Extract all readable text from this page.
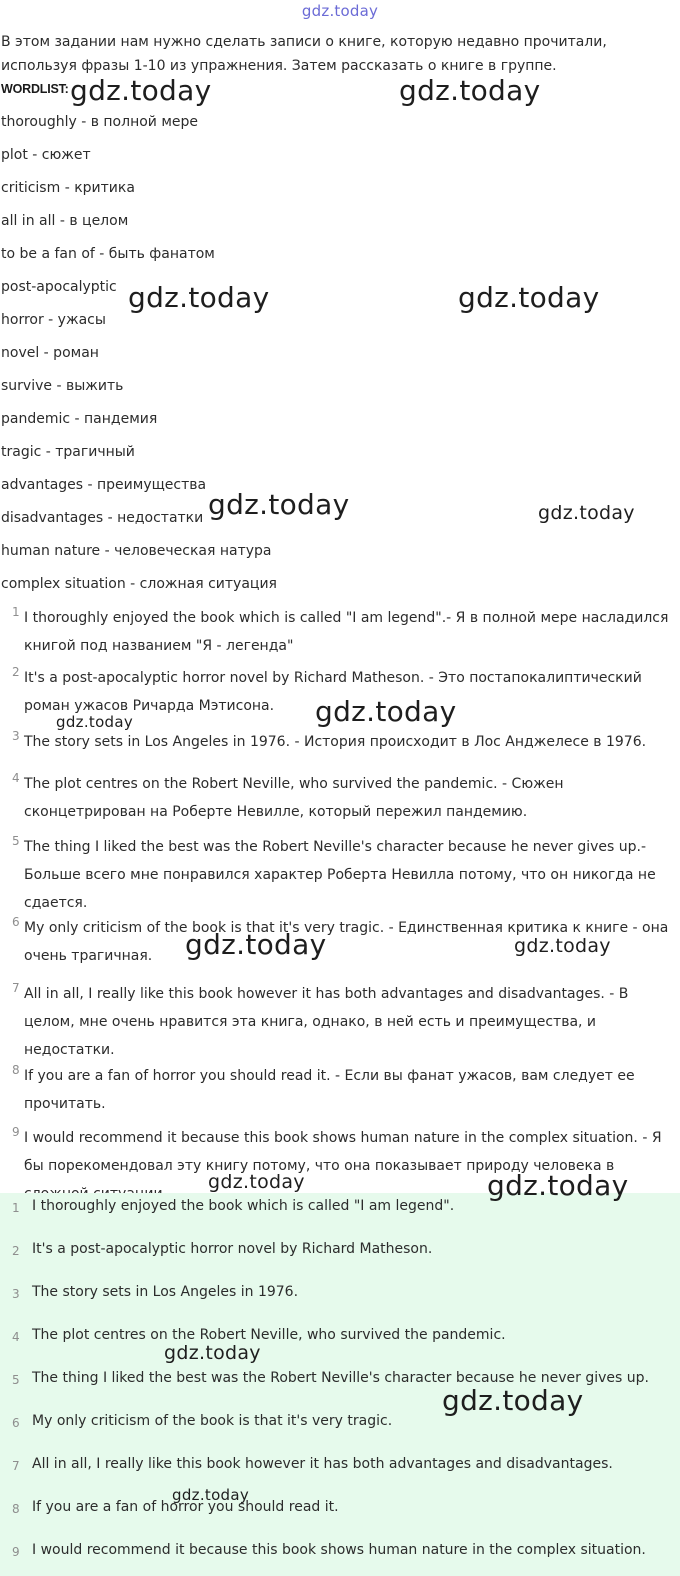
gdz.today
В этом задании нам нужно сделать записи о книге, которую недавно прочитали, используя фразы 1-10 из упражнения. Затем рассказать о книге в группе.
WORDLIST:
thoroughly - в полной мере
plot - сюжет
criticism - критика
all in all - в целом
to be a fan of - быть фанатом
post-apocalyptic
horror - ужасы
novel - роман
survive - выжить
pandemic - пандемия
tragic - трагичный
advantages - преимущества
disadvantages - недостатки
human nature - человеческая натура
complex situation - сложная ситуация
1 I thoroughly enjoyed the book which is called "I am legend".- Я в полной мере насладился книгой под названием "Я - легенда"
2 It's a post-apocalyptic horror novel by Richard Matheson. - Это постапокалиптический роман ужасов Ричарда Мэтисона.
3 The story sets in Los Angeles in 1976. - История происходит в Лос Анджелесе в 1976.
4 The plot centres on the Robert Neville, who survived the pandemic. - Сюжен сконцетрирован на Роберте Невилле, который пережил пандемию.
5 The thing I liked the best was the Robert Neville's character because he never gives up.- Больше всего мне понравился характер Роберта Невилла потому, что он никогда не сдается.
6 My only criticism of the book is that it's very tragic. - Единственная критика к книге - она очень трагичная.
7 All in all, I really like this book however it has both advantages and disadvantages. - В целом, мне очень нравится эта книга, однако, в ней есть и преимущества, и недостатки.
8 If you are a fan of horror you should read it. - Если вы фанат ужасов, вам следует ее прочитать.
9 I would recommend it because this book shows human nature in the complex situation. - Я бы порекомендовал эту книгу потому, что она показывает природу человека в
1 I thoroughly enjoyed the book which is called "I am legend".
2 It's a post-apocalyptic horror novel by Richard Matheson.
3 The story sets in Los Angeles in 1976.
4 The plot centres on the Robert Neville, who survived the pandemic.
5 The thing I liked the best was the Robert Neville's character because he never gives up.
6 My only criticism of the book is that it's very tragic.
7 All in all, I really like this book however it has both advantages and disadvantages.
8 If you are a fan of horror you should read it.
9 I would recommend it because this book shows human nature in the complex situation.
gdz.today	gdz.today
gdz.today	gdz.today
gdz.today	gdz.today
gdz.today	gdz.today
gdz.today	gdz.today
gdz.today	gdz.today
gdz.today
gdz.today
gdz.today
